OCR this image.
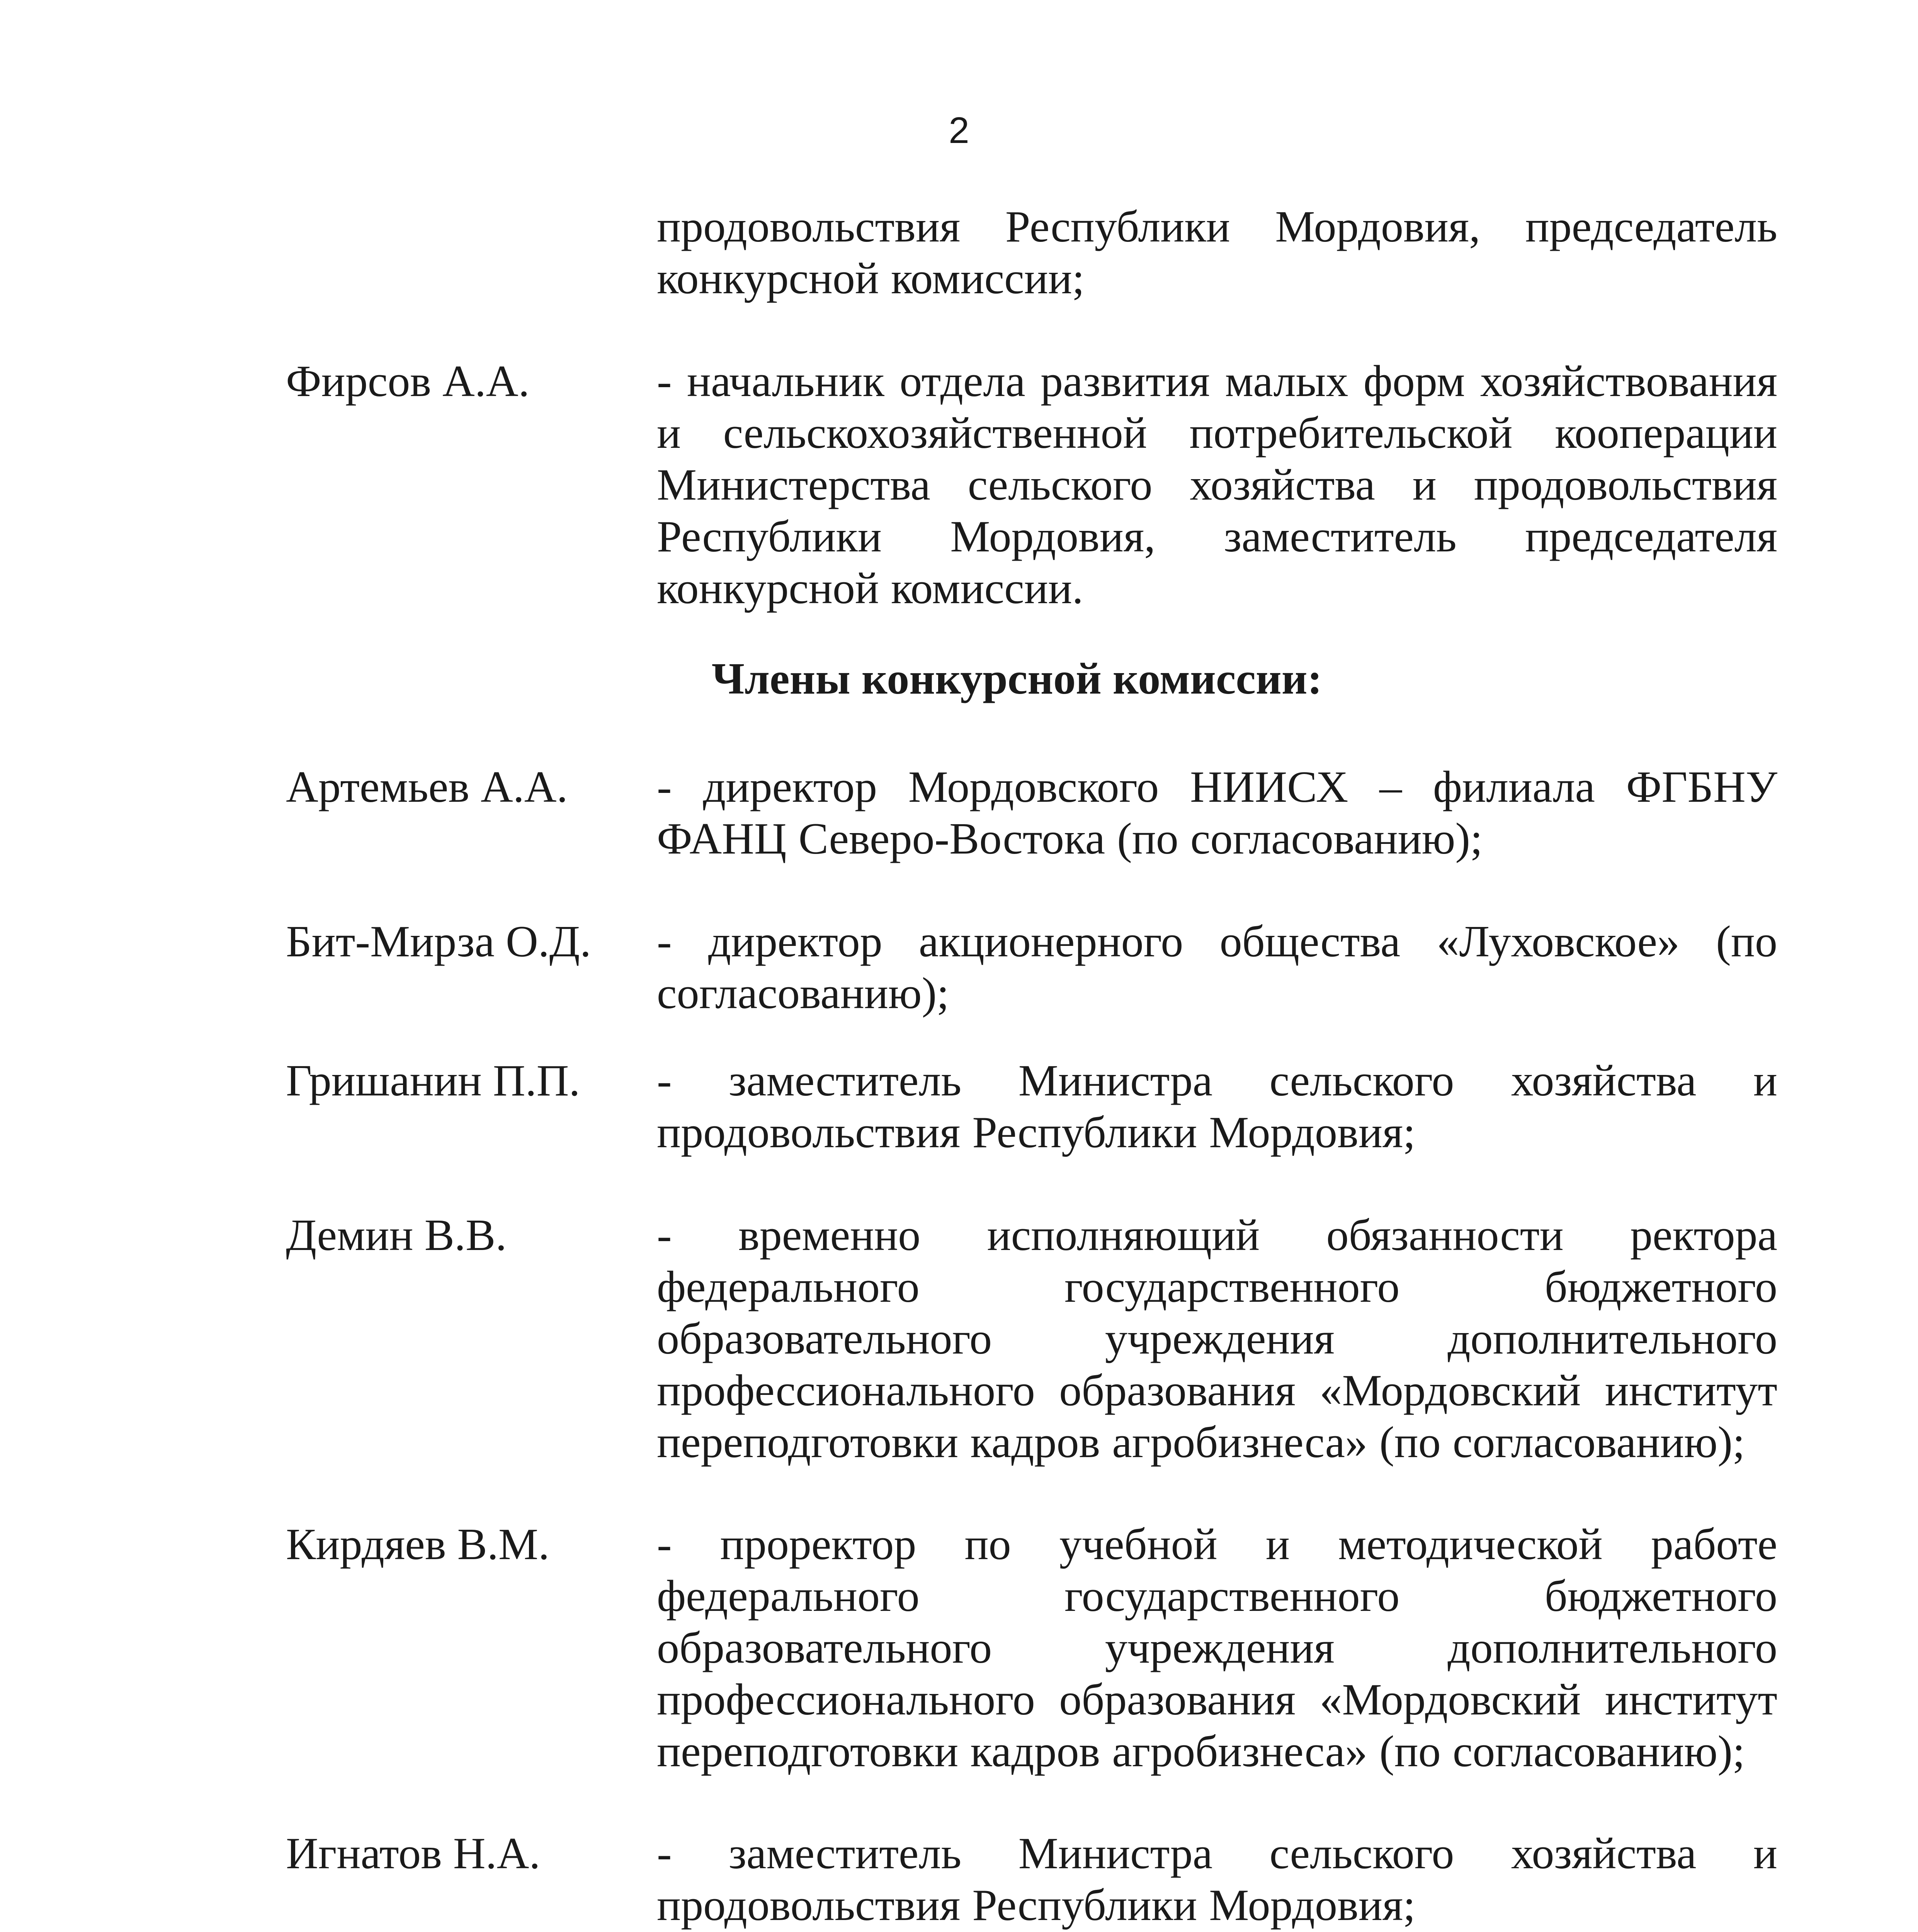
2
продовольствия Республики Мордовия, председатель конкурсной комиссии;
Фирсов А.А.	- начальник отдела развития малых форм хозяйствования и сельскохозяйственной потребительской кооперации Министерства сельского хозяйства и продовольствия Республики Мордовия, заместитель председателя конкурсной комиссии.
Члены конкурсной комиссии:
Артемьев А.А. - директор Мордовского НИИСХ – филиала ФГБНУ ФАНЦ Северо-Востока (по согласованию);
Бит-Мирза О.Д. - директор акционерного общества «Луховское» (по согласованию);
Гришанин П.П. - заместитель Министра сельского хозяйства и продовольствия Республики Мордовия;
Демин В.В.	- временно исполняющий обязанности ректора федерального государственного бюджетного образовательного учреждения дополнительного профессионального образования «Мордовский институт переподготовки кадров агробизнеса» (по согласованию);
Кирдяев В.М. - проректор по учебной и методической работе федерального государственного бюджетного образовательного учреждения дополнительного профессионального образования «Мордовский институт переподготовки кадров агробизнеса» (по согласованию);
Игнатов Н.А.	- заместитель Министра сельского хозяйства и продовольствия Республики Мордовия;
